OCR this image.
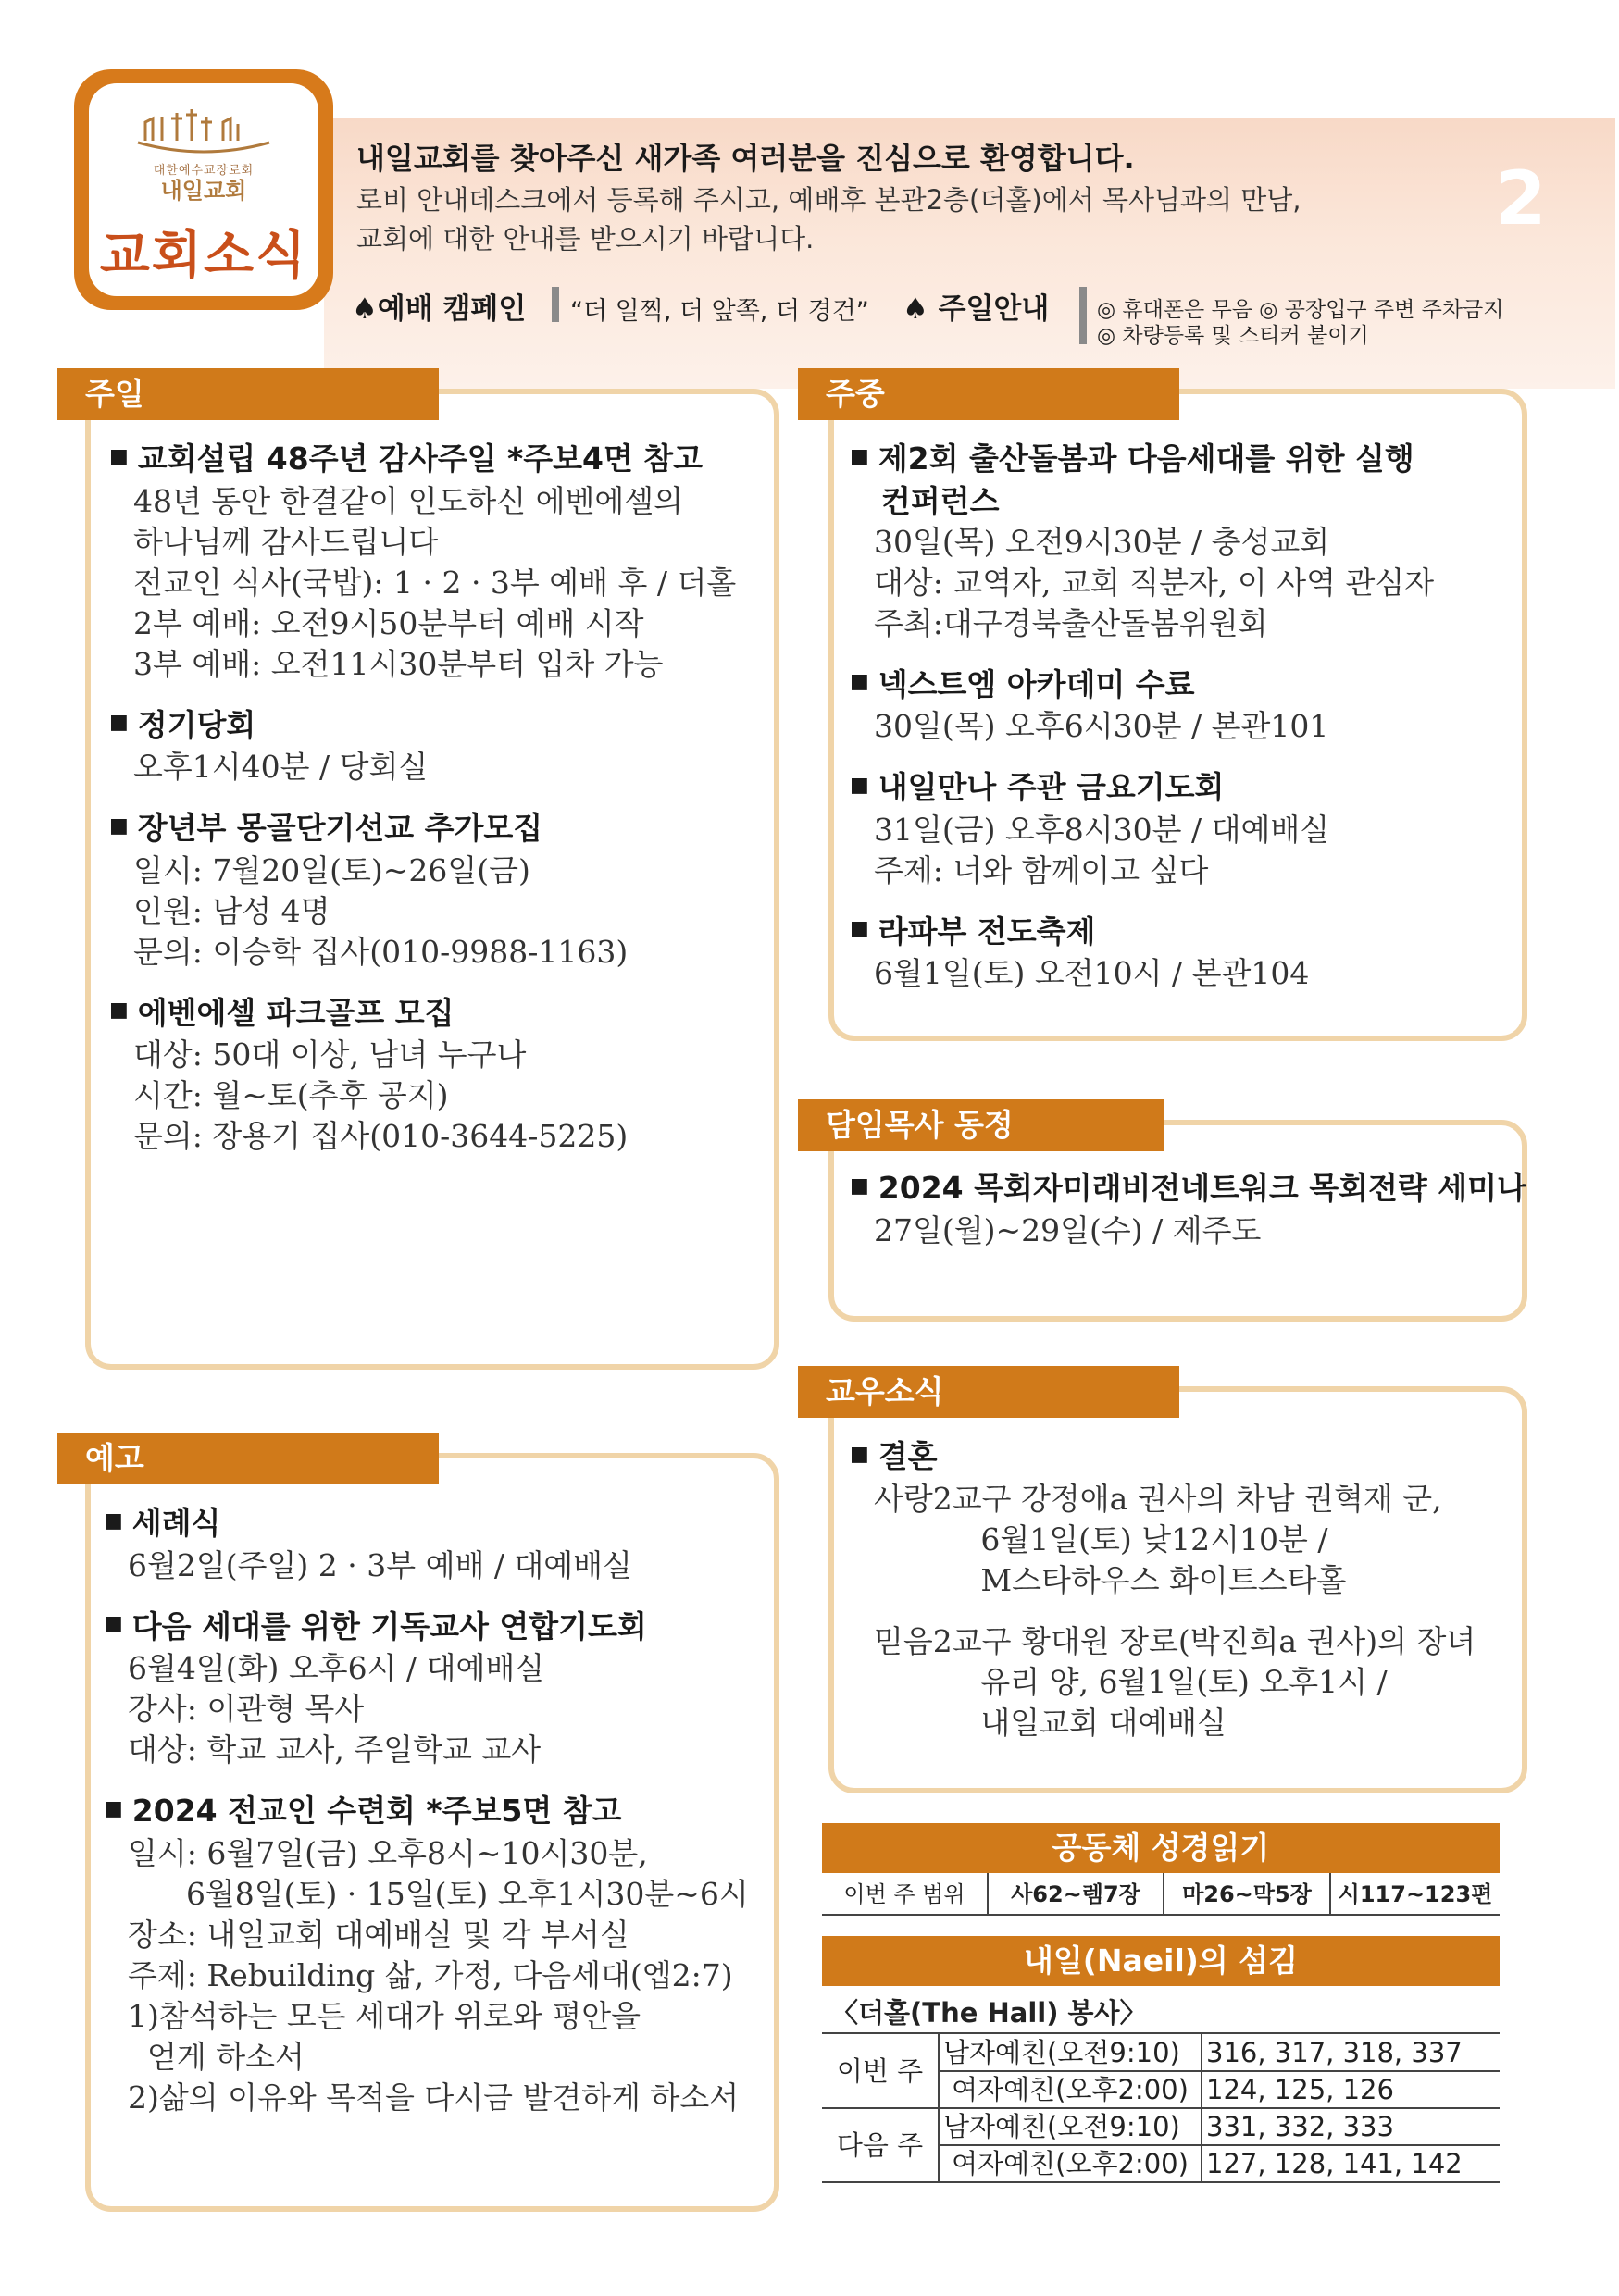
대한예수교장로회
내일교회
교회소식
내일교회를 찾아주신 새가족 여러분을 진심으로 환영합니다.
로비 안내데스크에서 등록해 주시고, 예배후 본관2층(더홀)에서 목사님과의 만남,
교회에 대한 안내를 받으시기 바랍니다.	2
♠예배 캠페인 “더 일찍, 더 앞쪽, 더 경건” ♠ 주일안내 ◎ 휴대폰은 무음 ◎ 공장입구 주변 주차금지
◎ 차량등록 및 스티커 붙이기
주일
■ 교회설립 48주년 감사주일 *주보4면 참고
48년 동안 한결같이 인도하신 에벤에셀의
하나님께 감사드립니다
전교인 식사(국밥): 1 · 2 · 3부 예배 후 / 더홀
2부 예배: 오전9시50분부터 예배 시작
3부 예배: 오전11시30분부터 입차 가능
■ 정기당회
오후1시40분 / 당회실
■ 장년부 몽골단기선교 추가모집
일시: 7월20일(토)~26일(금)
인원: 남성 4명
문의: 이승학 집사(010-9988-1163)
■ 에벤에셀 파크골프 모집
대상: 50대 이상, 남녀 누구나
시간: 월~토(추후 공지)
문의: 장용기 집사(010-3644-5225)
주중
■ 제2회 출산돌봄과 다음세대를 위한 실행
컨퍼런스
30일(목) 오전9시30분 / 충성교회
대상: 교역자, 교회 직분자, 이 사역 관심자
주최:대구경북출산돌봄위원회
■ 넥스트엠 아카데미 수료
30일(목) 오후6시30분 / 본관101
■ 내일만나 주관 금요기도회
31일(금) 오후8시30분 / 대예배실
주제: 너와 함께이고 싶다
■ 라파부 전도축제
6월1일(토) 오전10시 / 본관104
담임목사 동정
■ 2024 목회자미래비전네트워크 목회전략 세미나
27일(월)~29일(수) / 제주도
예고
■ 세례식
6월2일(주일) 2 · 3부 예배 / 대예배실
■ 다음 세대를 위한 기독교사 연합기도회
6월4일(화) 오후6시 / 대예배실
강사: 이관형 목사
대상: 학교 교사, 주일학교 교사
■ 2024 전교인 수련회 *주보5면 참고
일시: 6월7일(금) 오후8시~10시30분,
6월8일(토) · 15일(토) 오후1시30분~6시
장소: 내일교회 대예배실 및 각 부서실
주제: Rebuilding 삶, 가정, 다음세대(엡2:7)
1)참석하는 모든 세대가 위로와 평안을
얻게 하소서
2)삶의 이유와 목적을 다시금 발견하게 하소서
교우소식
■ 결혼
사랑2교구 강정애a 권사의 차남 권혁재 군,
6월1일(토) 낮12시10분 /
M스타하우스 화이트스타홀
믿음2교구 황대원 장로(박진희a 권사)의 장녀
유리 양, 6월1일(토) 오후1시 /
내일교회 대예배실
공동체 성경읽기
이번 주 범위	사62~렘7장	마26~막5장	시117~123편
내일(Naeil)의 섬김
〈더홀(The Hall) 봉사〉
이번 주	남자예친(오전9:10)	316, 317, 318, 337
	여자예친(오후2:00)	124, 125, 126
다음 주	남자예친(오전9:10)	331, 332, 333
	여자예친(오후2:00)	127, 128, 141, 142
